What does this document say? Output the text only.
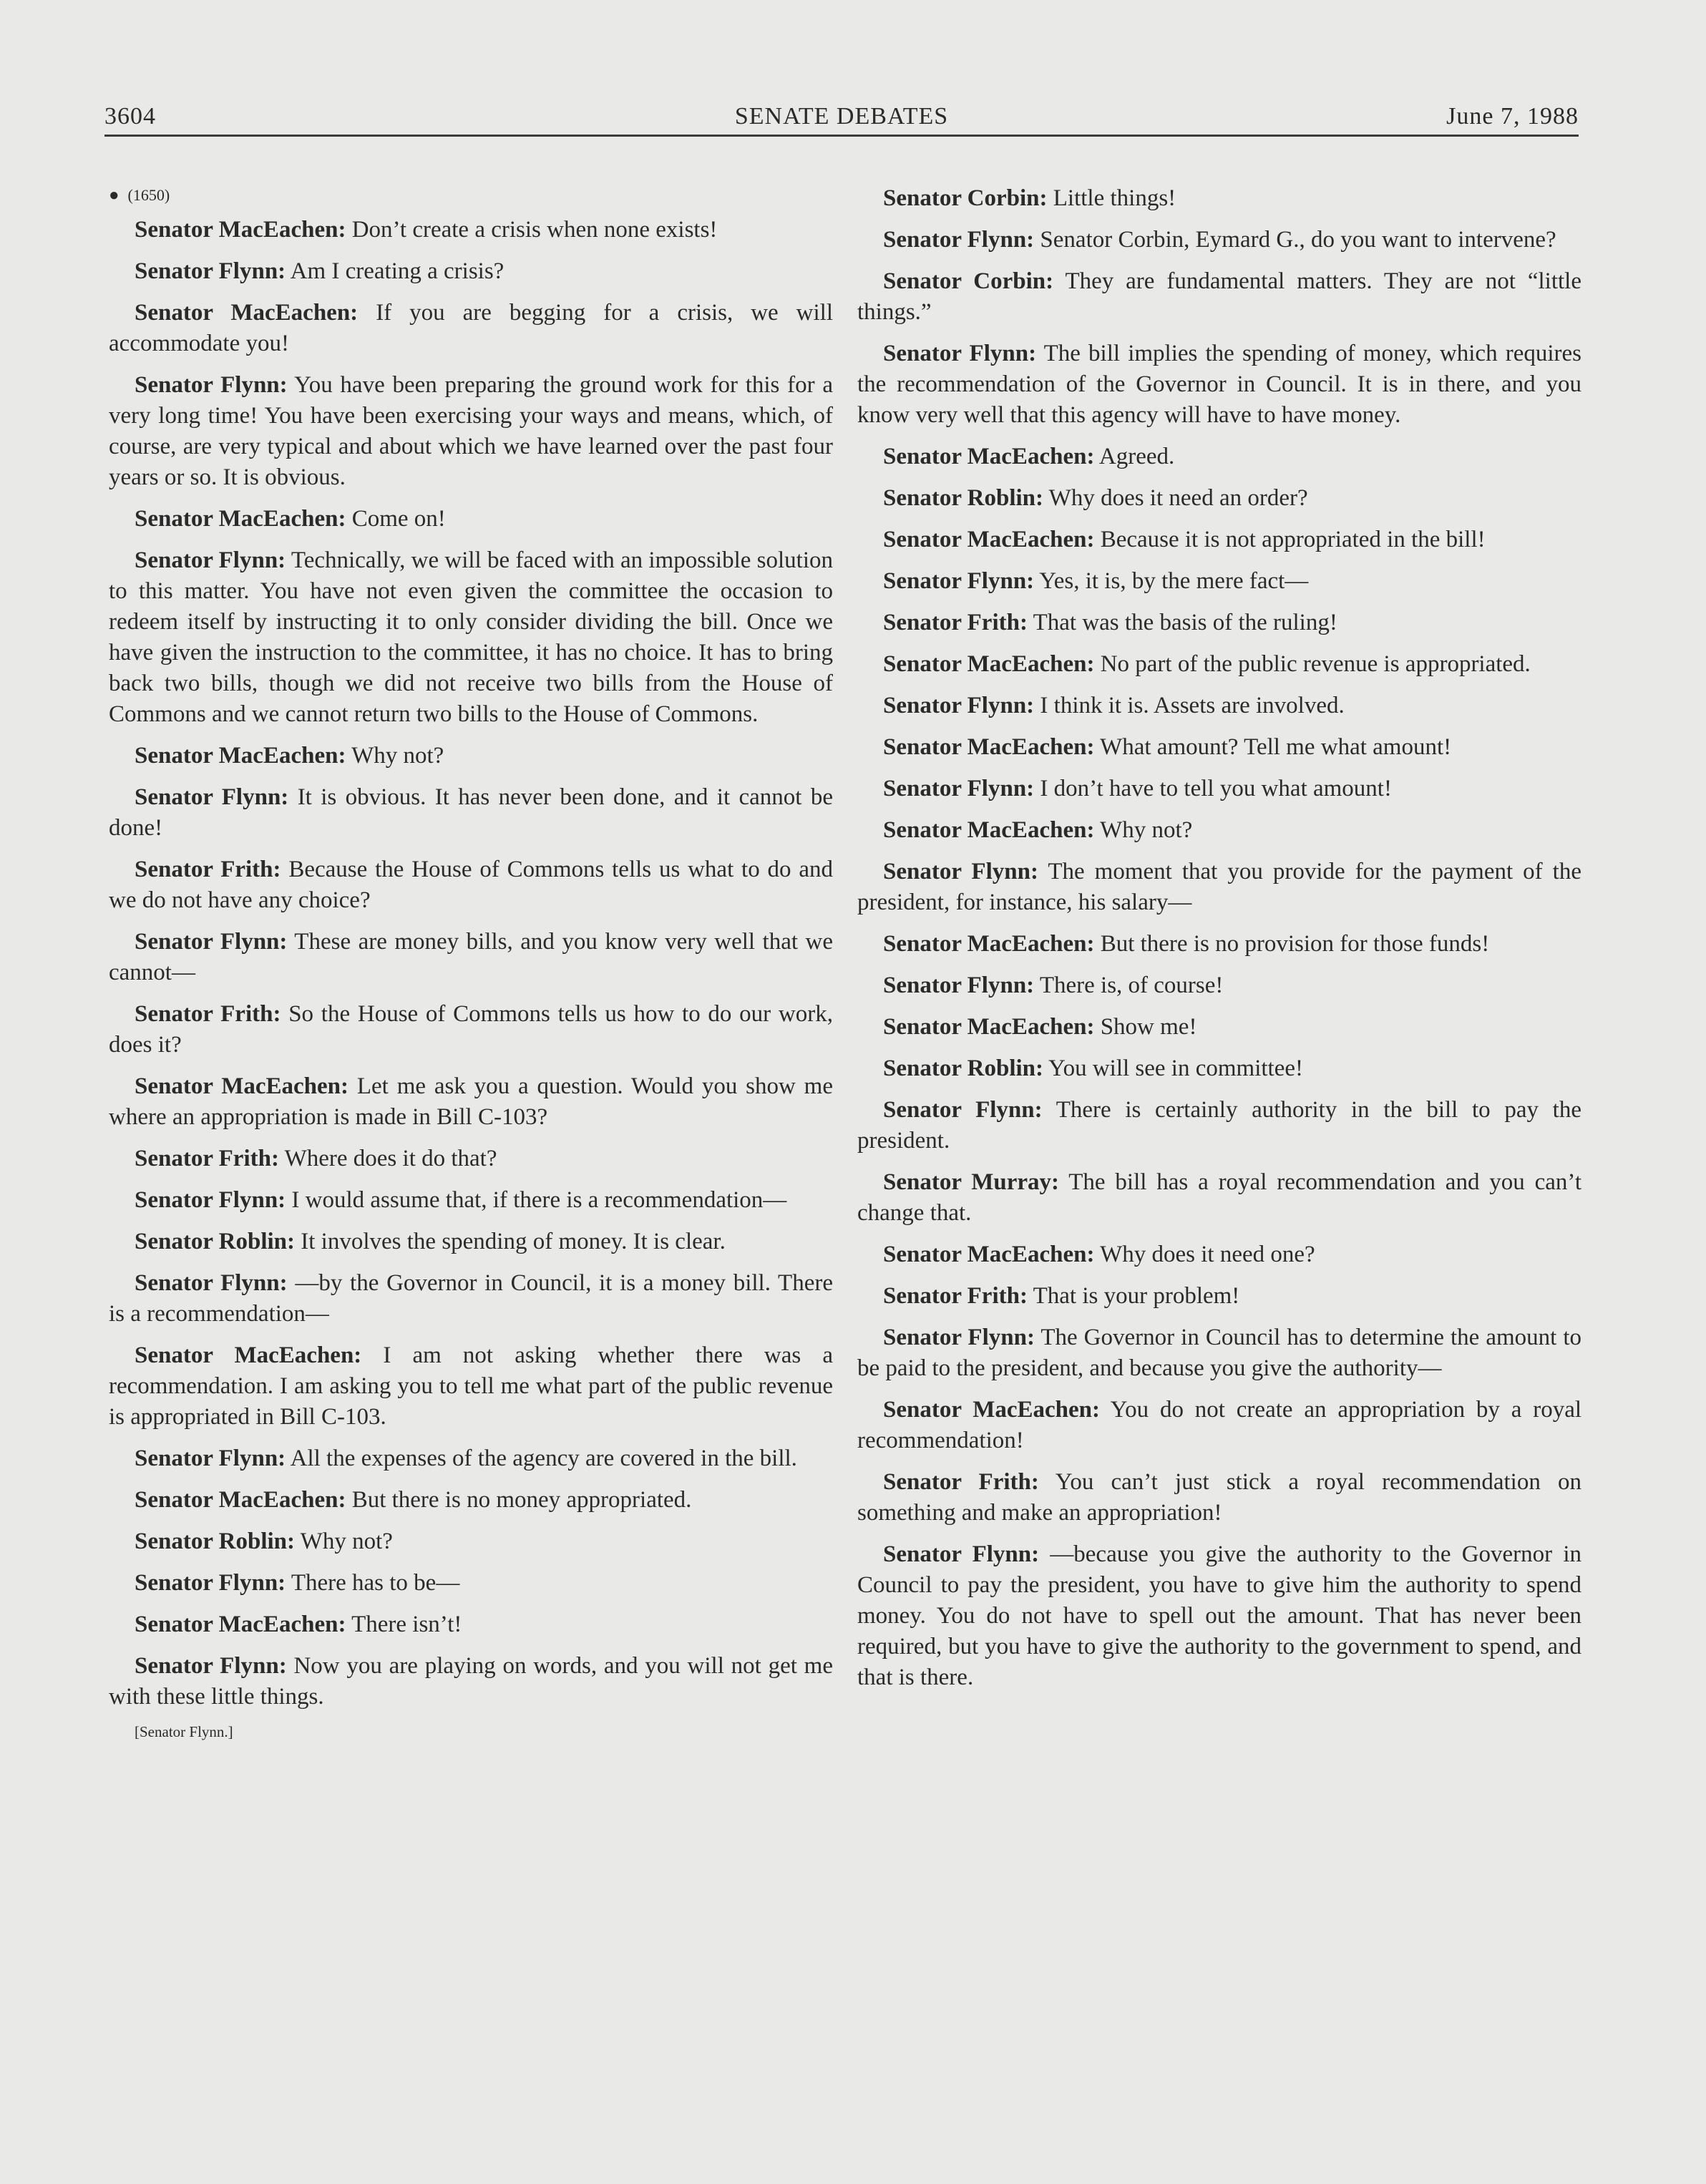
3604	SENATE DEBATES	June 7, 1988
● (1650)

Senator MacEachen: Don’t create a crisis when none exists!

Senator Flynn: Am I creating a crisis?

Senator MacEachen: If you are begging for a crisis, we will accommodate you!

Senator Flynn: You have been preparing the ground work for this for a very long time! You have been exercising your ways and means, which, of course, are very typical and about which we have learned over the past four years or so. It is obvious.

Senator MacEachen: Come on!

Senator Flynn: Technically, we will be faced with an impossible solution to this matter. You have not even given the committee the occasion to redeem itself by instructing it to only consider dividing the bill. Once we have given the instruction to the committee, it has no choice. It has to bring back two bills, though we did not receive two bills from the House of Commons and we cannot return two bills to the House of Commons.

Senator MacEachen: Why not?

Senator Flynn: It is obvious. It has never been done, and it cannot be done!

Senator Frith: Because the House of Commons tells us what to do and we do not have any choice?

Senator Flynn: These are money bills, and you know very well that we cannot—

Senator Frith: So the House of Commons tells us how to do our work, does it?

Senator MacEachen: Let me ask you a question. Would you show me where an appropriation is made in Bill C-103?

Senator Frith: Where does it do that?

Senator Flynn: I would assume that, if there is a recommendation—

Senator Roblin: It involves the spending of money. It is clear.

Senator Flynn: —by the Governor in Council, it is a money bill. There is a recommendation—

Senator MacEachen: I am not asking whether there was a recommendation. I am asking you to tell me what part of the public revenue is appropriated in Bill C-103.

Senator Flynn: All the expenses of the agency are covered in the bill.

Senator MacEachen: But there is no money appropriated.

Senator Roblin: Why not?

Senator Flynn: There has to be—

Senator MacEachen: There isn’t!

Senator Flynn: Now you are playing on words, and you will not get me with these little things.

[Senator Flynn.]

Senator Corbin: Little things!

Senator Flynn: Senator Corbin, Eymard G., do you want to intervene?

Senator Corbin: They are fundamental matters. They are not “little things.”

Senator Flynn: The bill implies the spending of money, which requires the recommendation of the Governor in Council. It is in there, and you know very well that this agency will have to have money.

Senator MacEachen: Agreed.

Senator Roblin: Why does it need an order?

Senator MacEachen: Because it is not appropriated in the bill!

Senator Flynn: Yes, it is, by the mere fact—

Senator Frith: That was the basis of the ruling!

Senator MacEachen: No part of the public revenue is appropriated.

Senator Flynn: I think it is. Assets are involved.

Senator MacEachen: What amount? Tell me what amount!

Senator Flynn: I don’t have to tell you what amount!

Senator MacEachen: Why not?

Senator Flynn: The moment that you provide for the payment of the president, for instance, his salary—

Senator MacEachen: But there is no provision for those funds!

Senator Flynn: There is, of course!

Senator MacEachen: Show me!

Senator Roblin: You will see in committee!

Senator Flynn: There is certainly authority in the bill to pay the president.

Senator Murray: The bill has a royal recommendation and you can’t change that.

Senator MacEachen: Why does it need one?

Senator Frith: That is your problem!

Senator Flynn: The Governor in Council has to determine the amount to be paid to the president, and because you give the authority—

Senator MacEachen: You do not create an appropriation by a royal recommendation!

Senator Frith: You can’t just stick a royal recommendation on something and make an appropriation!

Senator Flynn: —because you give the authority to the Governor in Council to pay the president, you have to give him the authority to spend money. You do not have to spell out the amount. That has never been required, but you have to give the authority to the government to spend, and that is there.
